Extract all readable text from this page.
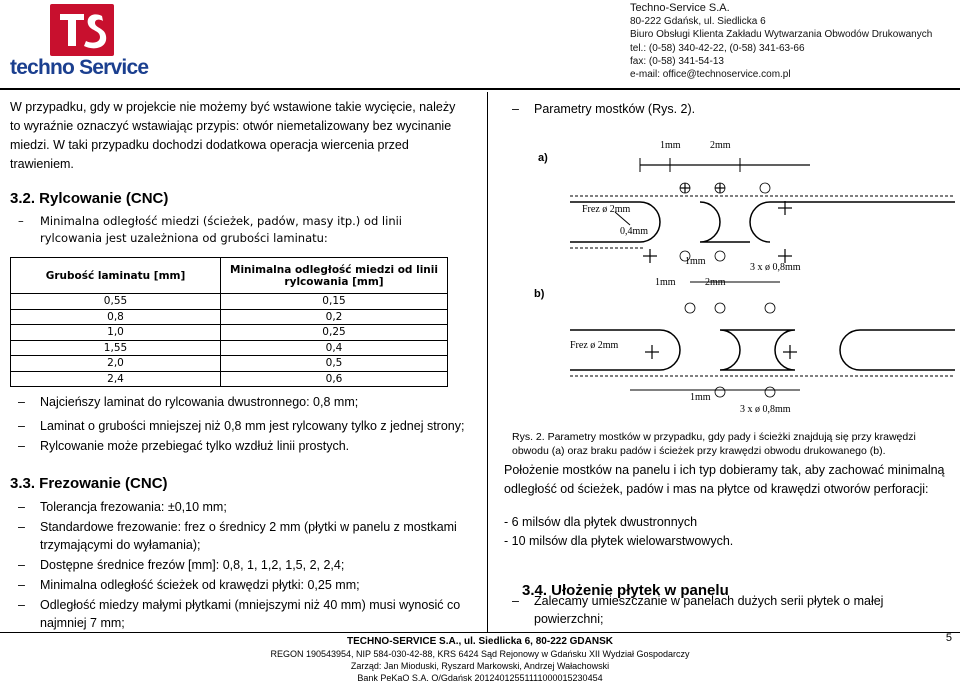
techno Service
Techno-Service S.A.
80-222 Gdańsk, ul. Siedlicka 6
Biuro Obsługi Klienta Zakładu Wytwarzania Obwodów Drukowanych
tel.: (0-58) 340-42-22, (0-58) 341-63-66
fax: (0-58) 341-54-13
e-mail: office@technoservice.com.pl
W przypadku, gdy w projekcie nie możemy być wstawione takie wycięcie, należy to wyraźnie oznaczyć wstawiając przypis: otwór niemetalizowany bez wycinanie miedzi. W taki przypadku dochodzi dodatkowa operacja wiercenia przed trawieniem.
3.2. Rylcowanie (CNC)
– Minimalna odległość miedzi (ścieżek, padów, masy itp.) od linii rylcowania jest uzależniona od grubości laminatu:
Grubość laminatu [mm]	Minimalna odległość miedzi od linii rylcowania [mm]
0,55	0,15
0,8	0,2
1,0	0,25
1,55	0,4
2,0	0,5
2,4	0,6
– Najcieńszy laminat do rylcowania dwustronnego: 0,8 mm;
– Laminat o grubości mniejszej niż 0,8 mm jest rylcowany tylko z jednej strony;
– Rylcowanie może przebiegać tylko wzdłuż linii prostych.
3.3. Frezowanie (CNC)
– Tolerancja frezowania: ±0,10 mm;
– Standardowe frezowanie: frez o średnicy 2 mm (płytki w panelu z mostkami trzymającymi do wyłamania);
– Dostępne średnice frezów [mm]: 0,8, 1, 1,2, 1,5, 2, 2,4;
– Minimalna odległość ścieżek od krawędzi płytki: 0,25 mm;
– Odległość miedzy małymi płytkami (mniejszymi niż 40 mm) musi wynosić co najmniej 7 mm;
– Parametry mostków (Rys. 2).
a)
b)
1mm	2mm
Frez ø 2mm
0,4mm
1mm
3 x ø 0,8mm
1mm	2mm
Frez ø 2mm
1mm
3 x ø 0,8mm
Rys. 2. Parametry mostków w przypadku, gdy pady i ścieżki znajdują się przy krawędzi obwodu (a) oraz braku padów i ścieżek przy krawędzi obwodu drukowanego (b).
Położenie mostków na panelu i ich typ dobieramy tak, aby zachować minimalną odległość od ścieżek, padów i mas na płytce od krawędzi otworów perforacji:
- 6 milsów dla płytek dwustronnych
- 10 milsów dla płytek wielowarstwowych.
3.4. Ułożenie płytek w panelu
– Zalecamy umieszczanie w panelach dużych serii płytek o małej powierzchni;
TECHNO-SERVICE S.A., ul. Siedlicka 6, 80-222 GDANSK
REGON 190543954, NIP 584-030-42-88, KRS 6424 Sąd Rejonowy w Gdańsku XII Wydział Gospodarczy
Zarząd: Jan Mioduski, Ryszard Markowski, Andrzej Wałachowski
Bank PeKaO S.A. O/Gdańsk 20124012551111000015230454
5
